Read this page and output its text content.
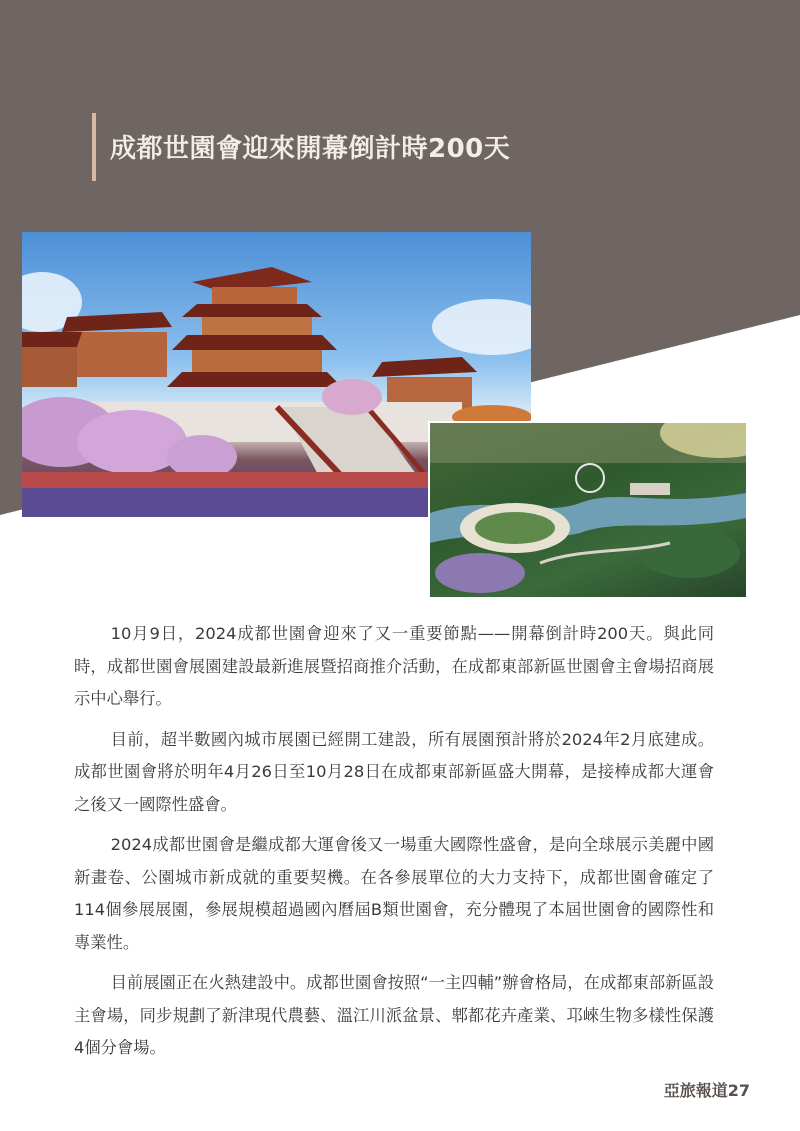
成都世園會迎來開幕倒計時200天

10月9日，2024成都世園會迎來了又一重要節點——開幕倒計時200天。與此同時，成都世園會展園建設最新進展暨招商推介活動，在成都東部新區世園會主會場招商展示中心舉行。

目前，超半數國內城市展園已經開工建設，所有展園預計將於2024年2月底建成。成都世園會將於明年4月26日至10月28日在成都東部新區盛大開幕，是接棒成都大運會之後又一國際性盛會。

2024成都世園會是繼成都大運會後又一場重大國際性盛會，是向全球展示美麗中國新畫卷、公園城市新成就的重要契機。在各參展單位的大力支持下，成都世園會確定了114個參展展園，參展規模超過國內曆屆B類世園會，充分體現了本屆世園會的國際性和專業性。

目前展園正在火熱建設中。成都世園會按照“一主四輔”辦會格局，在成都東部新區設主會場，同步規劃了新津現代農藝、溫江川派盆景、郫都花卉產業、邛崍生物多樣性保護4個分會場。

亞旅報道27
